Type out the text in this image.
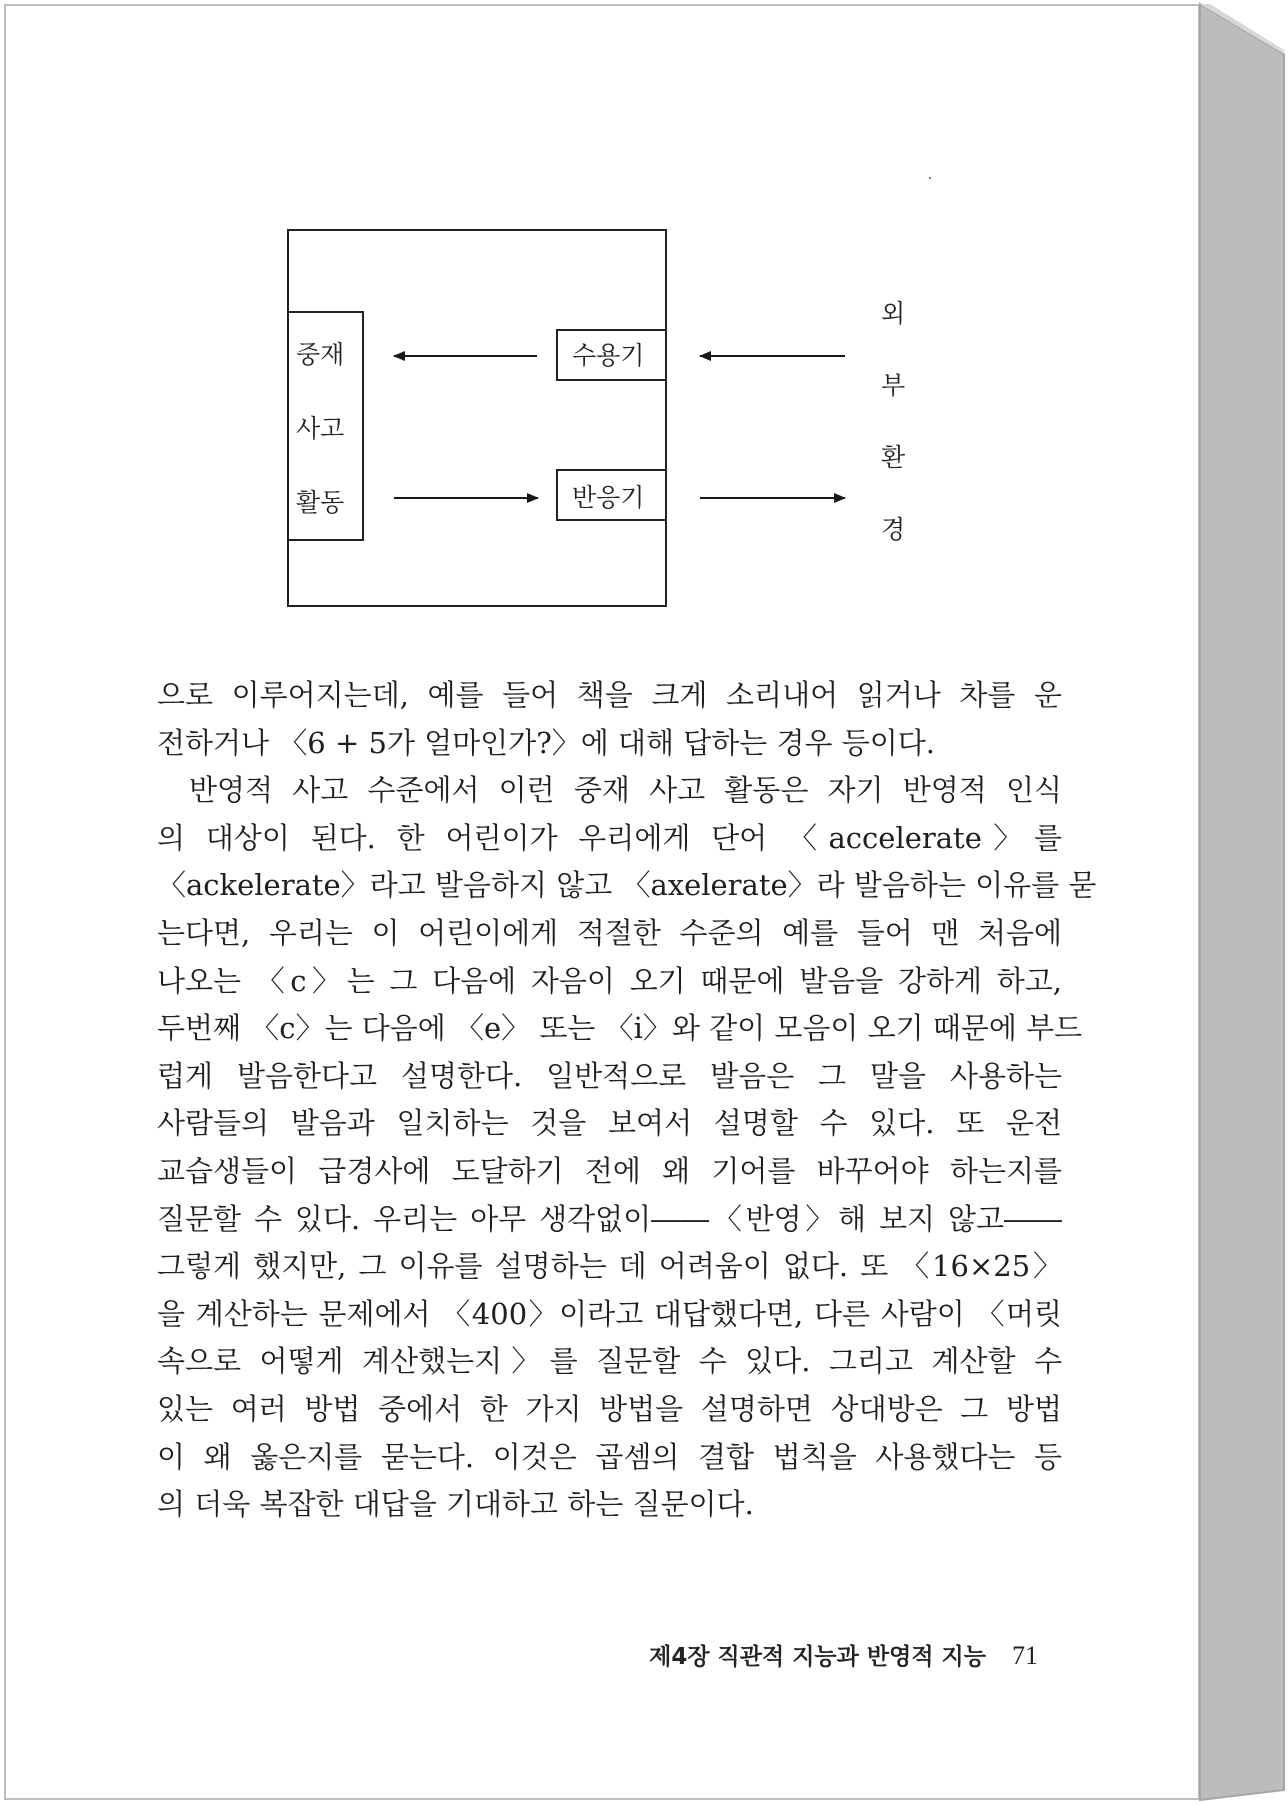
중재
사고
활동
수용기
반응기
외
부
환
경
으로 이루어지는데, 예를 들어 책을 크게 소리내어 읽거나 차를 운
전하거나 〈6 + 5가 얼마인가?〉에 대해 답하는 경우 등이다.
반영적 사고 수준에서 이런 중재 사고 활동은 자기 반영적 인식
의 대상이 된다. 한 어린이가 우리에게 단어 〈accelerate〉를
〈ackelerate〉라고 발음하지 않고 〈axelerate〉라 발음하는 이유를 묻
는다면, 우리는 이 어린이에게 적절한 수준의 예를 들어 맨 처음에
나오는 〈c〉는 그 다음에 자음이 오기 때문에 발음을 강하게 하고,
두번째 〈c〉는 다음에 〈e〉 또는 〈i〉와 같이 모음이 오기 때문에 부드
럽게 발음한다고 설명한다. 일반적으로 발음은 그 말을 사용하는
사람들의 발음과 일치하는 것을 보여서 설명할 수 있다. 또 운전
교습생들이 급경사에 도달하기 전에 왜 기어를 바꾸어야 하는지를
질문할 수 있다. 우리는 아무 생각없이――〈반영〉해 보지 않고――
그렇게 했지만, 그 이유를 설명하는 데 어려움이 없다. 또 〈16×25〉
을 계산하는 문제에서 〈400〉이라고 대답했다면, 다른 사람이 〈머릿
속으로 어떻게 계산했는지〉를 질문할 수 있다. 그리고 계산할 수
있는 여러 방법 중에서 한 가지 방법을 설명하면 상대방은 그 방법
이 왜 옳은지를 묻는다. 이것은 곱셈의 결합 법칙을 사용했다는 등
의 더욱 복잡한 대답을 기대하고 하는 질문이다.
제4장 직관적 지능과 반영적 지능 71
